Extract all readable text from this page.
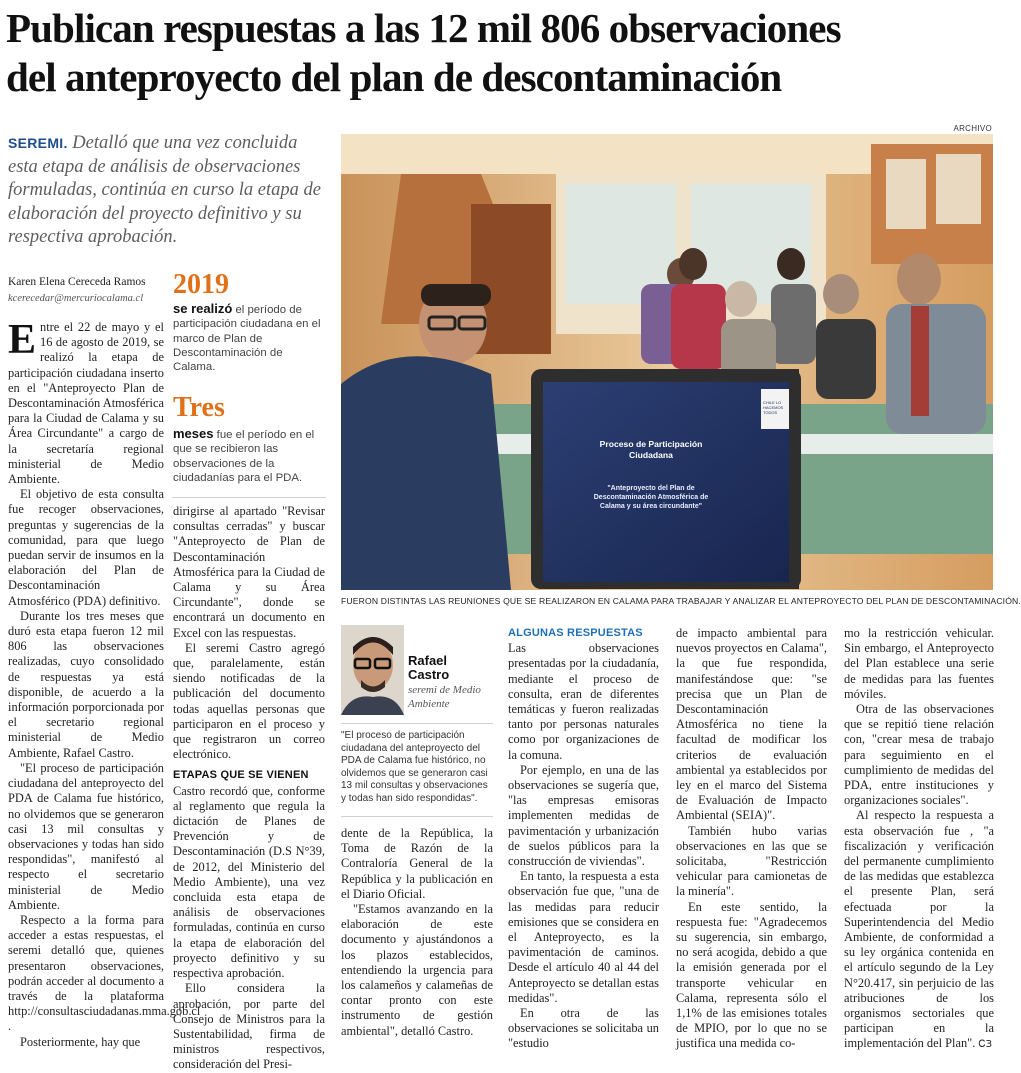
Publican respuestas a las 12 mil 806 observaciones
del anteproyecto del plan de descontaminación
SEREMI. Detalló que una vez concluida esta etapa de análisis de observaciones formuladas, continúa en curso la etapa de elaboración del proyecto definitivo y su respectiva aprobación.
ARCHIVO
Proceso de Participación Ciudadana
"Anteproyecto del Plan de Descontaminación Atmosférica de Calama y su área circundante"
CHILE LO HACEMOS TODOS
FUERON DISTINTAS LAS REUNIONES QUE SE REALIZARON EN CALAMA PARA TRABAJAR Y ANALIZAR EL ANTEPROYECTO DEL PLAN DE DESCONTAMINACIÓN.
Karen Elena Cereceda Ramos
kcerecedar@mercuriocalama.cl 2019
se realizó el período de participación ciudadana en el marco de Plan de Descontaminación de Calama.
Tres
meses fue el período en el que se recibieron las observaciones de la ciudadanías para el PDA.

Entre el 22 de mayo y el 16 de agosto de 2019, se realizó la etapa de participación ciudadana inserto en el "Anteproyecto Plan de Descontaminación Atmosférica para la Ciudad de Calama y su Área Circundante" a cargo de la secretaría regional ministerial de Medio Ambiente.

El objetivo de esta consulta fue recoger observaciones, preguntas y sugerencias de la comunidad, para que luego puedan servir de insumos en la elaboración del Plan de Descontaminación Atmosférico (PDA) definitivo.

Durante los tres meses que duró esta etapa fueron 12 mil 806 las observaciones realizadas, cuyo consolidado de respuestas ya está disponible, de acuerdo a la información porporcionada por el secretario regional ministerial de Medio Ambiente, Rafael Castro.

"El proceso de participación ciudadana del anteproyecto del PDA de Calama fue histórico, no olvidemos que se generaron casi 13 mil consultas y observaciones y todas han sido respondidas", manifestó al respecto el secretario ministerial de Medio Ambiente.

Respecto a la forma para acceder a estas respuestas, el seremi detalló que, quienes presentaron observaciones, podrán acceder al documento a través de la plataforma http://consultasciudadanas.mma.gob.cl .

Posteriormente, hay que

dirigirse al apartado "Revisar consultas cerradas" y buscar "Anteproyecto de Plan de Descontaminación Atmosférica para la Ciudad de Calama y su Área Circundante", donde se encontrará un documento en Excel con las respuestas.

El seremi Castro agregó que, paralelamente, están siendo notificadas de la publicación del documento todas aquellas personas que participaron en el proceso y que registraron un correo electrónico.

ETAPAS QUE SE VIENEN

Castro recordó que, conforme al reglamento que regula la dictación de Planes de Prevención y de Descontaminación (D.S N°39, de 2012, del Ministerio del Medio Ambiente), una vez concluida esta etapa de análisis de observaciones formuladas, continúa en curso la etapa de elaboración del proyecto definitivo y su respectiva aprobación.

Ello considera la aprobación, por parte del Consejo de Ministros para la Sustentabilidad, firma de ministros respectivos, consideración del Presi-

Rafael Castro
seremi de Medio Ambiente
"El proceso de participación ciudadana del anteproyecto del PDA de Calama fue histórico, no olvidemos que se generaron casi 13 mil consultas y observaciones y todas han sido respondidas".

dente de la República, la Toma de Razón de la Contraloría General de la República y la publicación en el Diario Oficial.

"Estamos avanzando en la elaboración de este documento y ajustándonos a los plazos establecidos, entendiendo la urgencia para los calameños y calameñas de contar pronto con este instrumento de gestión ambiental", detalló Castro.

ALGUNAS RESPUESTAS

Las observaciones presentadas por la ciudadanía, mediante el proceso de consulta, eran de diferentes temáticas y fueron realizadas tanto por personas naturales como por organizaciones de la comuna.

Por ejemplo, en una de las observaciones se sugería que, "las empresas emisoras implementen medidas de pavimentación y urbanización de suelos públicos para la construcción de viviendas".

En tanto, la respuesta a esta observación fue que, "una de las medidas para reducir emisiones que se considera en el Anteproyecto, es la pavimentación de caminos. Desde el artículo 40 al 44 del Anteproyecto se detallan estas medidas".

En otra de las observaciones se solicitaba un "estudio

de impacto ambiental para nuevos proyectos en Calama", la que fue respondida, manifestándose que: "se precisa que un Plan de Descontaminación Atmosférica no tiene la facultad de modificar los criterios de evaluación ambiental ya establecidos por ley en el marco del Sistema de Evaluación de Impacto Ambiental (SEIA)".

También hubo varias observaciones en las que se solicitaba, "Restricción vehicular para camionetas de la minería".

En este sentido, la respuesta fue: "Agradecemos su sugerencia, sin embargo, no será acogida, debido a que la emisión generada por el transporte vehicular en Calama, representa sólo el 1,1% de las emisiones totales de MPIO, por lo que no se justifica una medida co-

mo la restricción vehicular. Sin embargo, el Anteproyecto del Plan establece una serie de medidas para las fuentes móviles.

Otra de las observaciones que se repitió tiene relación con, "crear mesa de trabajo para seguimiento en el cumplimiento de medidas del PDA, entre instituciones y organizaciones sociales".

Al respecto la respuesta a esta observación fue , "a fiscalización y verificación del permanente cumplimiento de las medidas que establezca el presente Plan, será efectuada por la Superintendencia del Medio Ambiente, de conformidad a su ley orgánica contenida en el artículo segundo de la Ley N°20.417, sin perjuicio de las atribuciones de los organismos sectoriales que participan en la implementación del Plan". ᏟЗ
